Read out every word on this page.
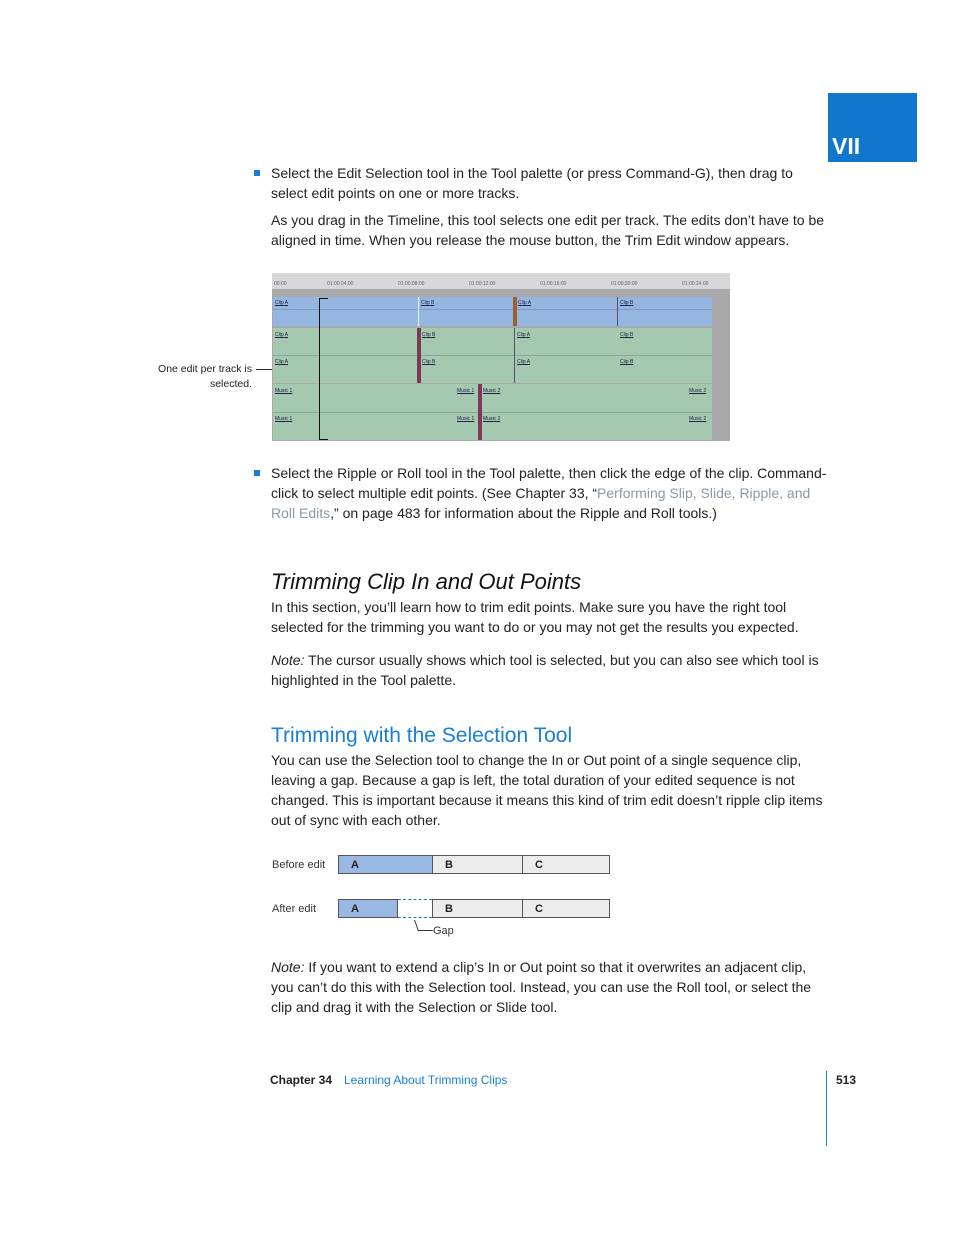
VII
Select the Edit Selection tool in the Tool palette (or press Command-G), then drag to select edit points on one or more tracks.
As you drag in the Timeline, this tool selects one edit per track. The edits don’t have to be aligned in time. When you release the mouse button, the Trim Edit window appears.
One edit per track is selected.
00:00	01:00:04:00	01:00:08:00	01:00:12:00	01:00:16:00	01:00:20:00	01:00:24:00
Clip A	Clip B	Clip A	Clip B
Clip A
Clip A
Clip B
Clip B
Clip A
Clip A
Clip B
Clip B
Music 1
Music 1
Music 1
Music 1
Music 2
Music 2
Music 2
Music 2
Select the Ripple or Roll tool in the Tool palette, then click the edge of the clip. Command-click to select multiple edit points. (See Chapter 33, “Performing Slip, Slide, Ripple, and Roll Edits,” on page 483 for information about the Ripple and Roll tools.)
Trimming Clip In and Out Points
In this section, you’ll learn how to trim edit points. Make sure you have the right tool selected for the trimming you want to do or you may not get the results you expected.
Note: The cursor usually shows which tool is selected, but you can also see which tool is highlighted in the Tool palette.
Trimming with the Selection Tool
You can use the Selection tool to change the In or Out point of a single sequence clip, leaving a gap. Because a gap is left, the total duration of your edited sequence is not changed. This is important because it means this kind of trim edit doesn’t ripple clip items out of sync with each other.
Before edit	A	B	C
After edit	A	B	C
Gap
Note: If you want to extend a clip’s In or Out point so that it overwrites an adjacent clip, you can’t do this with the Selection tool. Instead, you can use the Roll tool, or select the clip and drag it with the Selection or Slide tool.
Chapter 34 Learning About Trimming Clips	513
